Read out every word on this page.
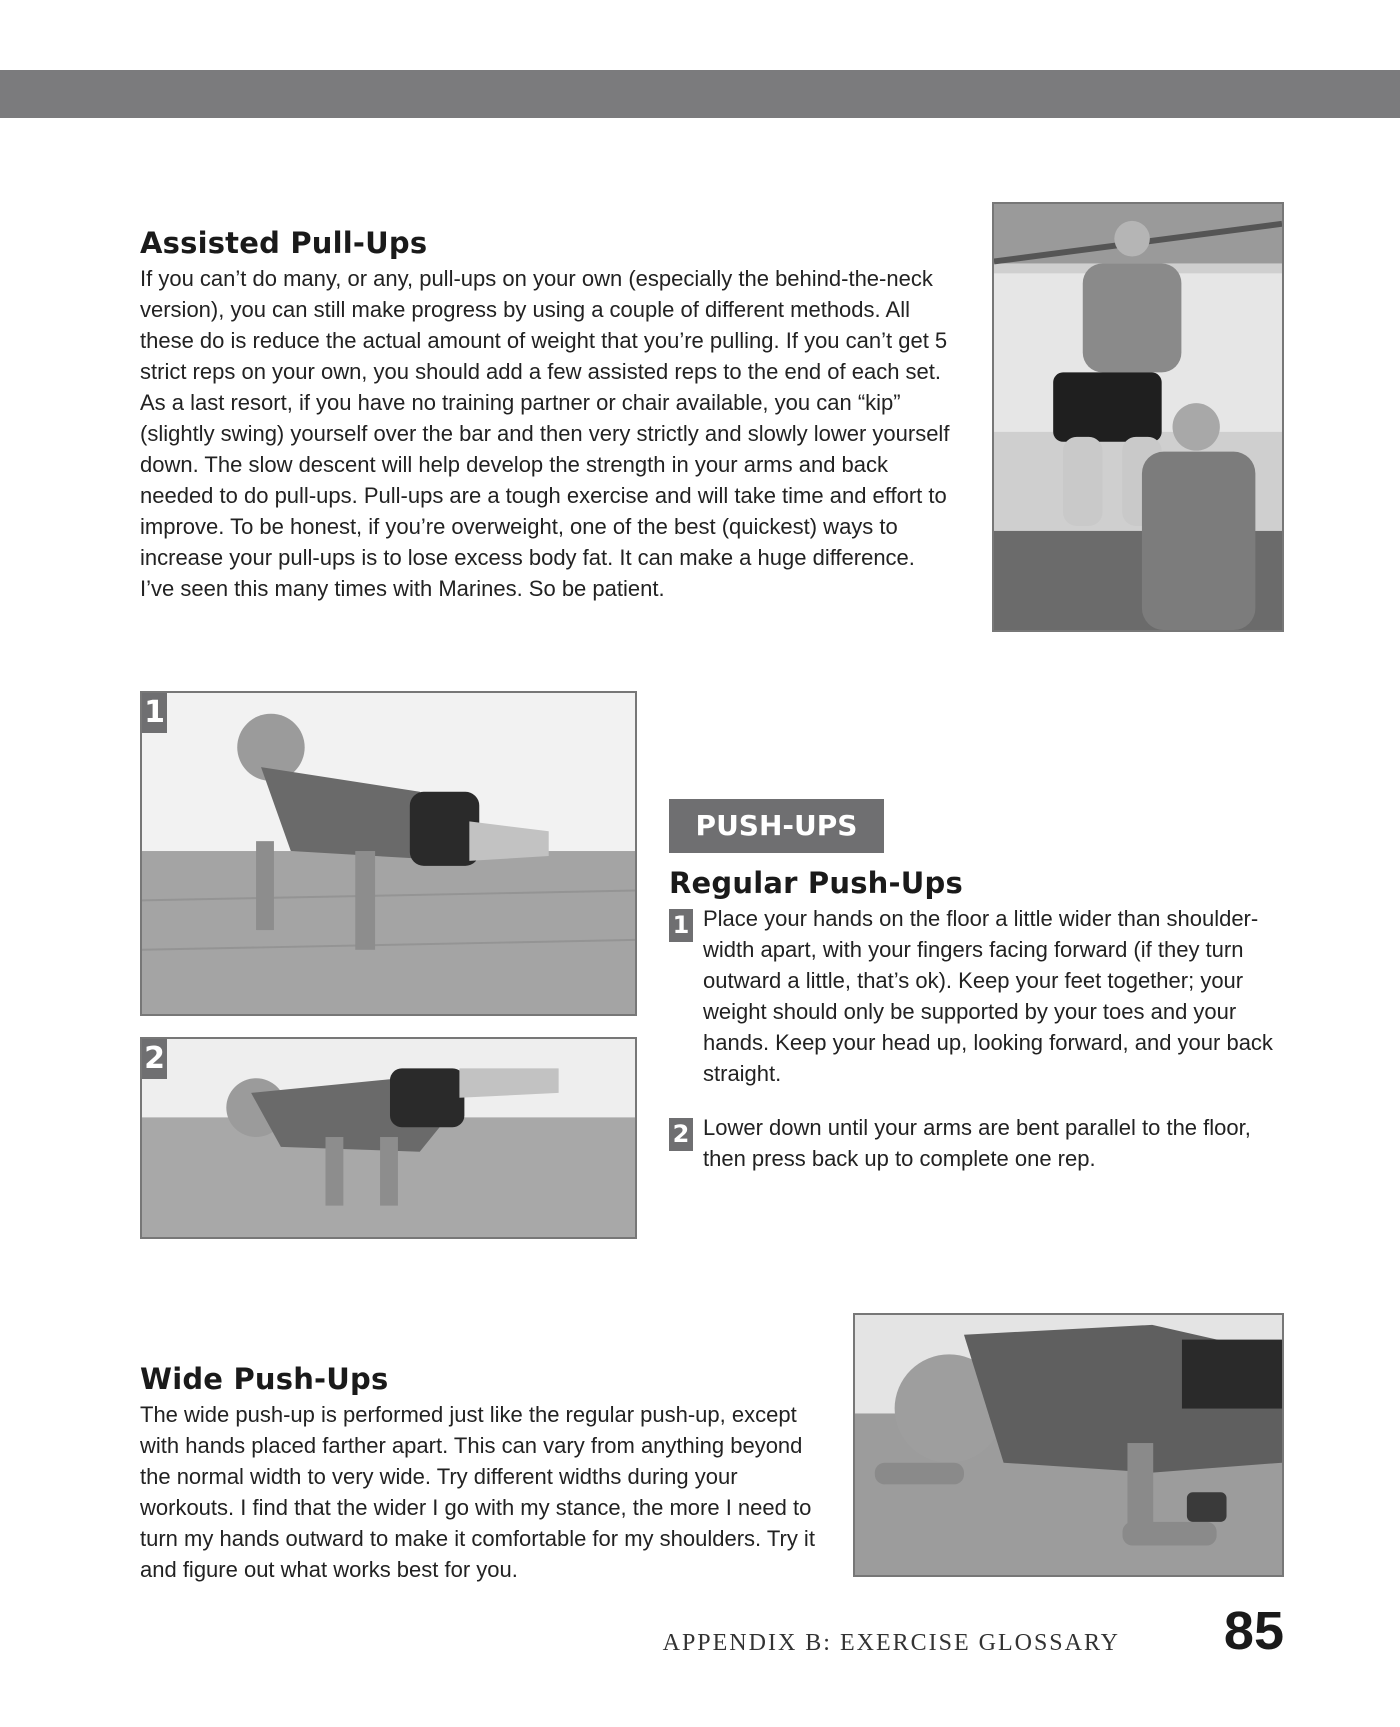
Assisted Pull-Ups

If you can’t do many, or any, pull-ups on your own (especially the behind-the-neck version), you can still make progress by using a couple of different methods. All these do is reduce the actual amount of weight that you’re pulling. If you can’t get 5 strict reps on your own, you should add a few assisted reps to the end of each set. As a last resort, if you have no training partner or chair available, you can “kip” (slightly swing) yourself over the bar and then very strictly and slowly lower yourself down. The slow descent will help develop the strength in your arms and back needed to do pull-ups. Pull-ups are a tough exercise and will take time and effort to improve. To be honest, if you’re overweight, one of the best (quickest) ways to increase your pull-ups is to lose excess body fat. It can make a huge difference. I’ve seen this many times with Marines. So be patient.

1
2
PUSH-UPS
Regular Push-Ups
1 Place your hands on the floor a little wider than shoulder-width apart, with your fingers facing forward (if they turn outward a little, that’s ok). Keep your feet together; your weight should only be supported by your toes and your hands. Keep your head up, looking forward, and your back straight.

2 Lower down until your arms are bent parallel to the floor, then press back up to complete one rep.

Wide Push-Ups

The wide push-up is performed just like the regular push-up, except with hands placed farther apart. This can vary from anything beyond the normal width to very wide. Try different widths during your workouts. I find that the wider I go with my stance, the more I need to turn my hands outward to make it comfortable for my shoulders. Try it and figure out what works best for you.

APPENDIX B: EXERCISE GLOSSARY	85
